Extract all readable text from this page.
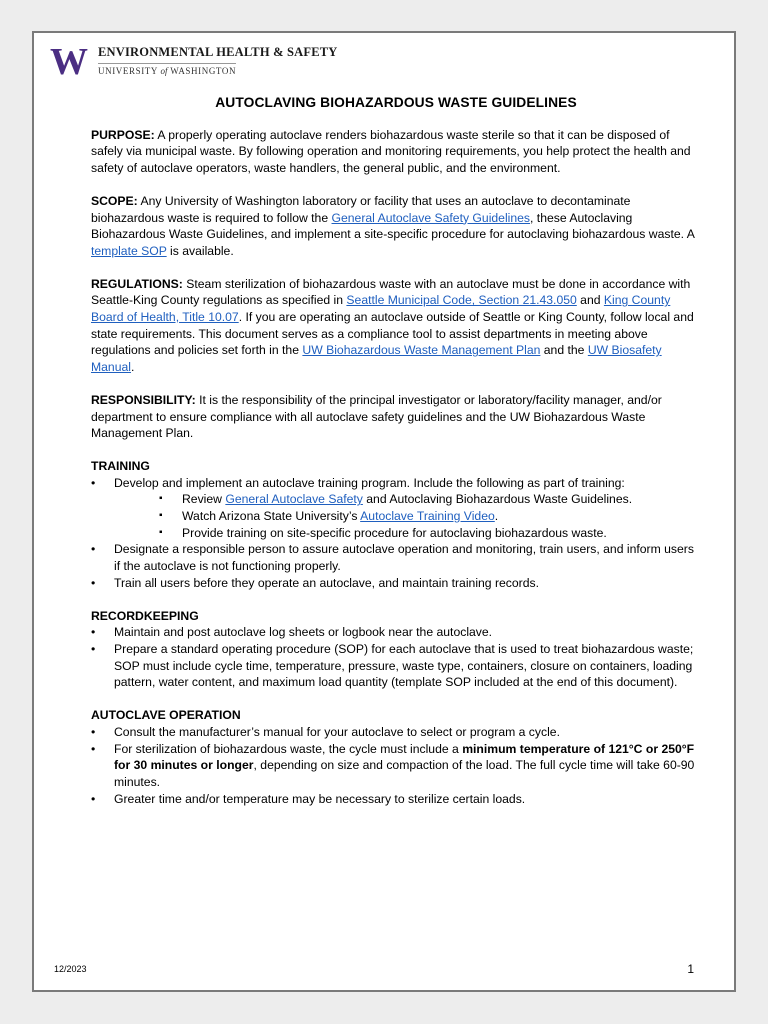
W ENVIRONMENTAL HEALTH & SAFETY
UNIVERSITY of WASHINGTON
AUTOCLAVING BIOHAZARDOUS WASTE GUIDELINES

PURPOSE: A properly operating autoclave renders biohazardous waste sterile so that it can be disposed of safely via municipal waste. By following operation and monitoring requirements, you help protect the health and safety of autoclave operators, waste handlers, the general public, and the environment.

SCOPE: Any University of Washington laboratory or facility that uses an autoclave to decontaminate biohazardous waste is required to follow the General Autoclave Safety Guidelines, these Autoclaving Biohazardous Waste Guidelines, and implement a site-specific procedure for autoclaving biohazardous waste. A template SOP is available.

REGULATIONS: Steam sterilization of biohazardous waste with an autoclave must be done in accordance with Seattle-King County regulations as specified in Seattle Municipal Code, Section 21.43.050 and King County Board of Health, Title 10.07. If you are operating an autoclave outside of Seattle or King County, follow local and state requirements. This document serves as a compliance tool to assist departments in meeting above regulations and policies set forth in the UW Biohazardous Waste Management Plan and the UW Biosafety Manual.

RESPONSIBILITY: It is the responsibility of the principal investigator or laboratory/facility manager, and/or department to ensure compliance with all autoclave safety guidelines and the UW Biohazardous Waste Management Plan.

TRAINING
• Develop and implement an autoclave training program. Include the following as part of training:
▪ Review General Autoclave Safety and Autoclaving Biohazardous Waste Guidelines.
▪ Watch Arizona State University’s Autoclave Training Video.
▪ Provide training on site-specific procedure for autoclaving biohazardous waste.
• Designate a responsible person to assure autoclave operation and monitoring, train users, and inform users if the autoclave is not functioning properly.
• Train all users before they operate an autoclave, and maintain training records.
RECORDKEEPING
• Maintain and post autoclave log sheets or logbook near the autoclave.
• Prepare a standard operating procedure (SOP) for each autoclave that is used to treat biohazardous waste; SOP must include cycle time, temperature, pressure, waste type, containers, closure on containers, loading pattern, water content, and maximum load quantity (template SOP included at the end of this document).
AUTOCLAVE OPERATION
• Consult the manufacturer’s manual for your autoclave to select or program a cycle.
• For sterilization of biohazardous waste, the cycle must include a minimum temperature of 121°C or 250°F for 30 minutes or longer, depending on size and compaction of the load. The full cycle time will take 60-90 minutes.
• Greater time and/or temperature may be necessary to sterilize certain loads.
12/2023	1
